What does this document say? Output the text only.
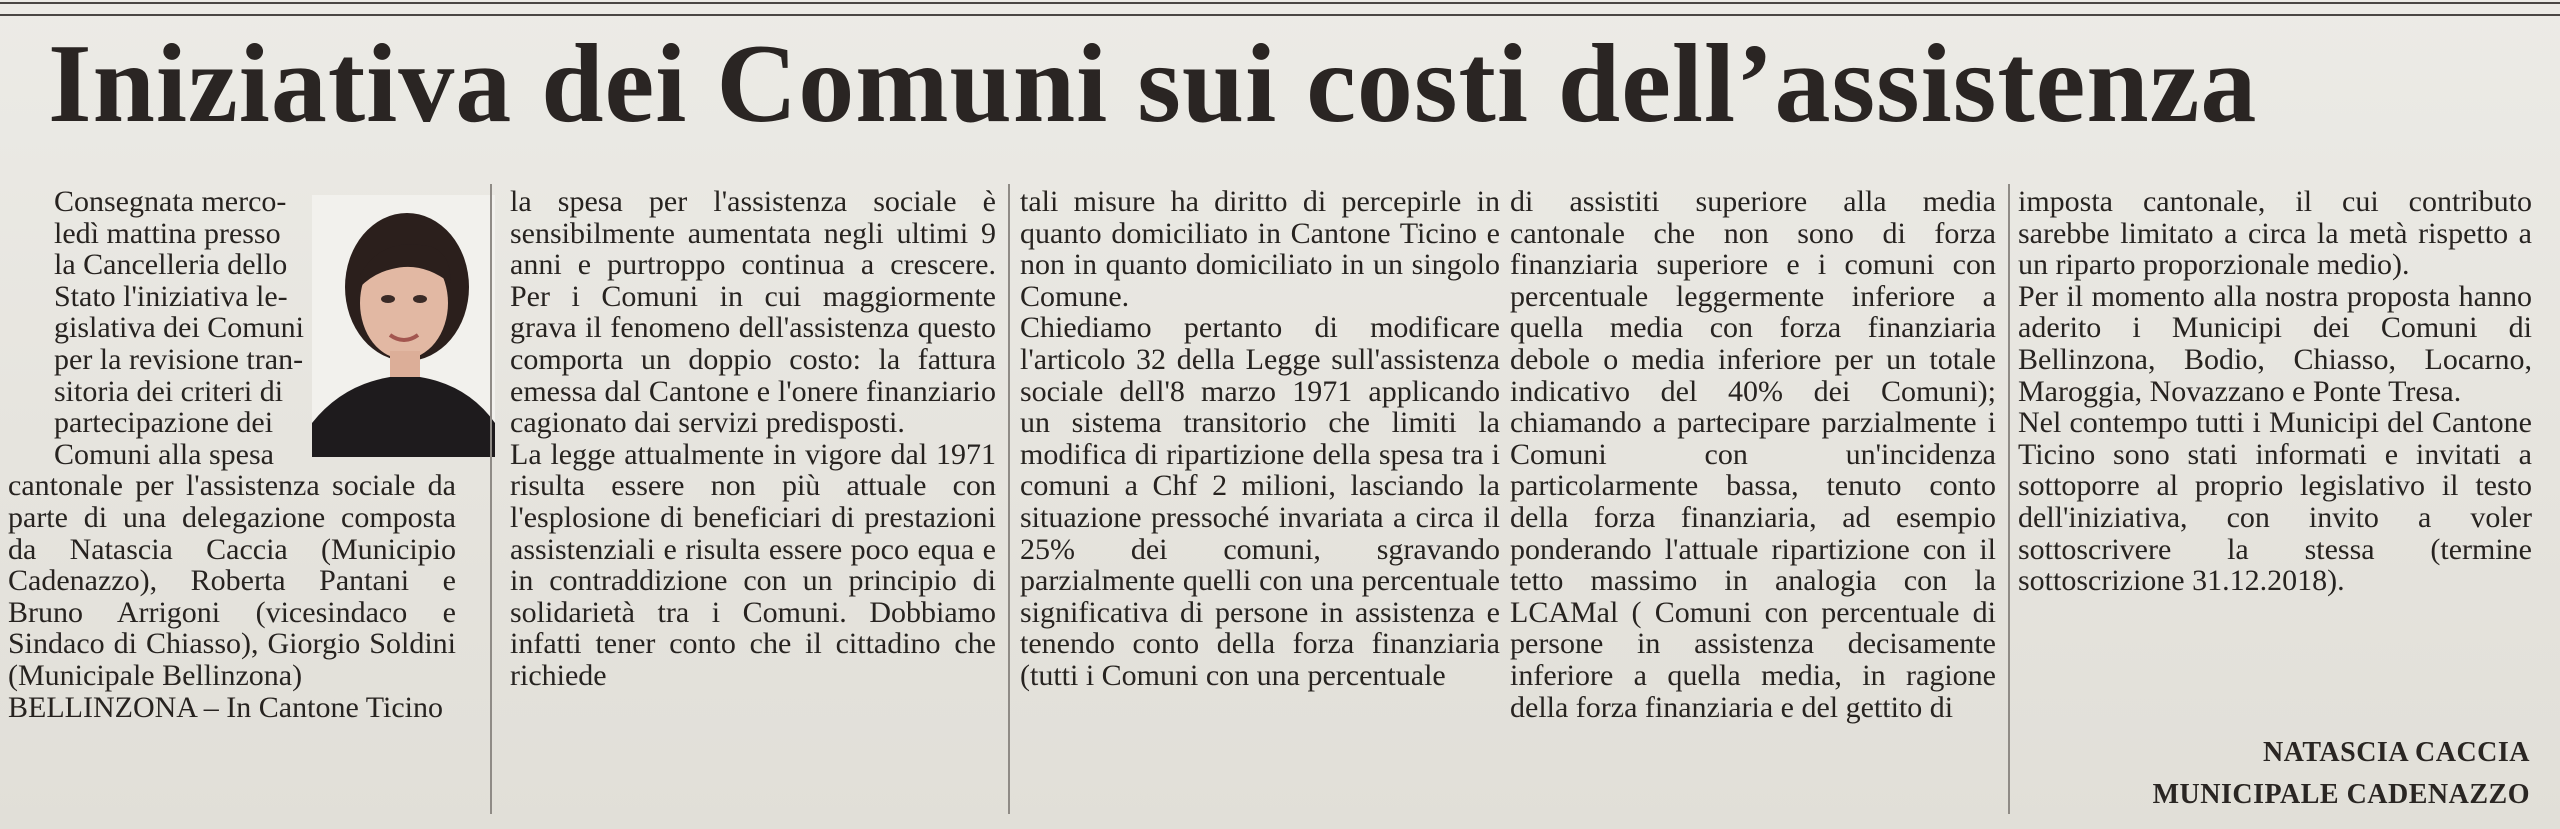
Iniziativa dei Comuni sui costi dell’assistenza
Consegnata merco-
ledì mattina presso
la Cancelleria dello
Stato l'iniziativa le-
gislativa dei Comuni
per la revisione tran-
sitoria dei criteri di
partecipazione dei
Comuni alla spesa

cantonale per l'assistenza sociale da parte di una delegazione composta da Natascia Caccia (Municipio Cadenazzo), Roberta Pantani e Bruno Arrigoni (vicesindaco e Sindaco di Chiasso), Giorgio Soldini (Municipale Bellinzona)

BELLINZONA – In Cantone Ticino

la spesa per l'assistenza sociale è sensibilmente aumentata negli ultimi 9 anni e purtroppo continua a crescere. Per i Comuni in cui maggiormente grava il fenomeno dell'assistenza questo comporta un doppio costo: la fattura emessa dal Cantone e l'onere finanziario cagionato dai servizi predisposti.

La legge attualmente in vigore dal 1971 risulta essere non più attuale con l'esplosione di beneficiari di prestazioni assistenziali e risulta essere poco equa e in contraddizione con un principio di solidarietà tra i Comuni. Dobbiamo infatti tener conto che il cittadino che richiede

tali misure ha diritto di percepirle in quanto domiciliato in Cantone Ticino e non in quanto domiciliato in un singolo Comune.

Chiediamo pertanto di modificare l'articolo 32 della Legge sull'assistenza sociale dell'8 marzo 1971 applicando un sistema transitorio che limiti la modifica di ripartizione della spesa tra i comuni a Chf 2 milioni, lasciando la situazione pressoché invariata a circa il 25% dei comuni, sgravando parzialmente quelli con una percentuale significativa di persone in assistenza e tenendo conto della forza finanziaria (tutti i Comuni con una percentuale

di assistiti superiore alla media cantonale che non sono di forza finanziaria superiore e i comuni con percentuale leggermente inferiore a quella media con forza finanziaria debole o media inferiore per un totale indicativo del 40% dei Comuni); chiamando a partecipare parzialmente i Comuni con un'incidenza particolarmente bassa, tenuto conto della forza finanziaria, ad esempio ponderando l'attuale ripartizione con il tetto massimo in analogia con la LCAMal ( Comuni con percentuale di persone in assistenza decisamente inferiore a quella media, in ragione della forza finanziaria e del gettito di

imposta cantonale, il cui contributo sarebbe limitato a circa la metà rispetto a un riparto proporzionale medio).

Per il momento alla nostra proposta hanno aderito i Municipi dei Comuni di Bellinzona, Bodio, Chiasso, Locarno, Maroggia, Novazzano e Ponte Tresa.

Nel contempo tutti i Municipi del Cantone Ticino sono stati informati e invitati a sottoporre al proprio legislativo il testo dell'iniziativa, con invito a voler sottoscrivere la stessa (termine sottoscrizione 31.12.2018).

NATASCIA CACCIA
MUNICIPALE CADENAZZO
